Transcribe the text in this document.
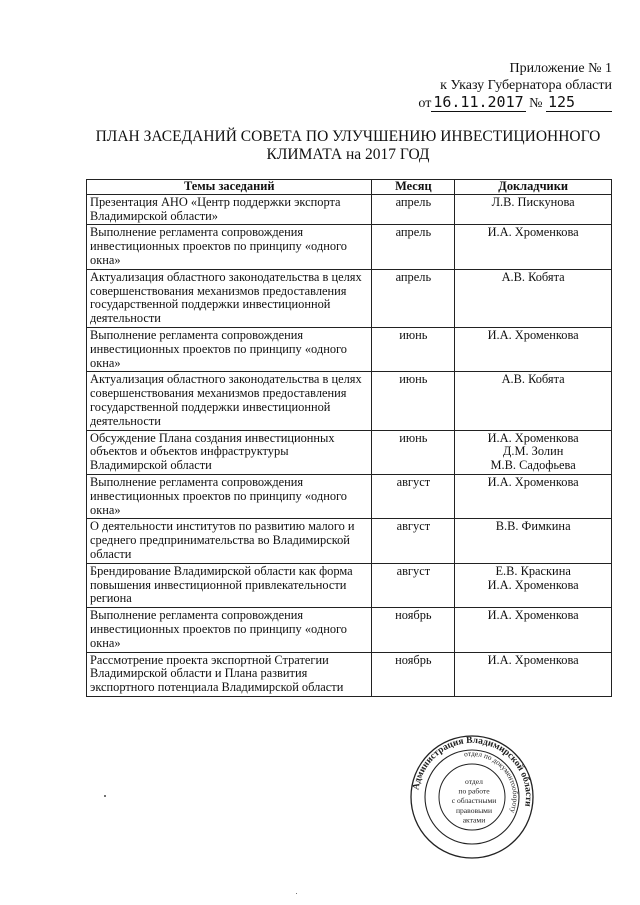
Приложение № 1
к Указу Губернатора области
от 16.11.2017 № 125
ПЛАН ЗАСЕДАНИЙ СОВЕТА ПО УЛУЧШЕНИЮ ИНВЕСТИЦИОННОГО
КЛИМАТА на 2017 ГОД
Темы заседаний	Месяц	Докладчики
Презентация АНО «Центр поддержки экспорта Владимирской области»	апрель	Л.В. Пискунова

Выполнение регламента сопровождения инвестиционных проектов по принципу «одного окна»	апрель	И.А. Хроменкова

Актуализация областного законодательства в целях совершенствования механизмов предоставления государственной поддержки инвестиционной деятельности	апрель	А.В. Кобята

Выполнение регламента сопровождения инвестиционных проектов по принципу «одного окна»	июнь	И.А. Хроменкова

Актуализация областного законодательства в целях совершенствования механизмов предоставления государственной поддержки инвестиционной деятельности	июнь	А.В. Кобята

Обсуждение Плана создания инвестиционных объектов и объектов инфраструктуры Владимирской области	июнь	И.А. Хроменкова
Д.М. Золин
М.В. Садофьева

Выполнение регламента сопровождения инвестиционных проектов по принципу «одного окна»	август	И.А. Хроменкова

О деятельности институтов по развитию малого и среднего предпринимательства во Владимирской области	август	В.В. Фимкина

Брендирование Владимирской области как форма повышения инвестиционной привлекательности региона	август	Е.В. Краскина
И.А. Хроменкова

Выполнение регламента сопровождения инвестиционных проектов по принципу «одного окна»	ноябрь	И.А. Хроменкова

Рассмотрение проекта экспортной Стратегии Владимирской области и Плана развития экспортного потенциала Владимирской области	ноябрь	И.А. Хроменкова
Администрация Владимирской области
отдел по документообороту
отдел
по работе
с областными
правовыми
актами
